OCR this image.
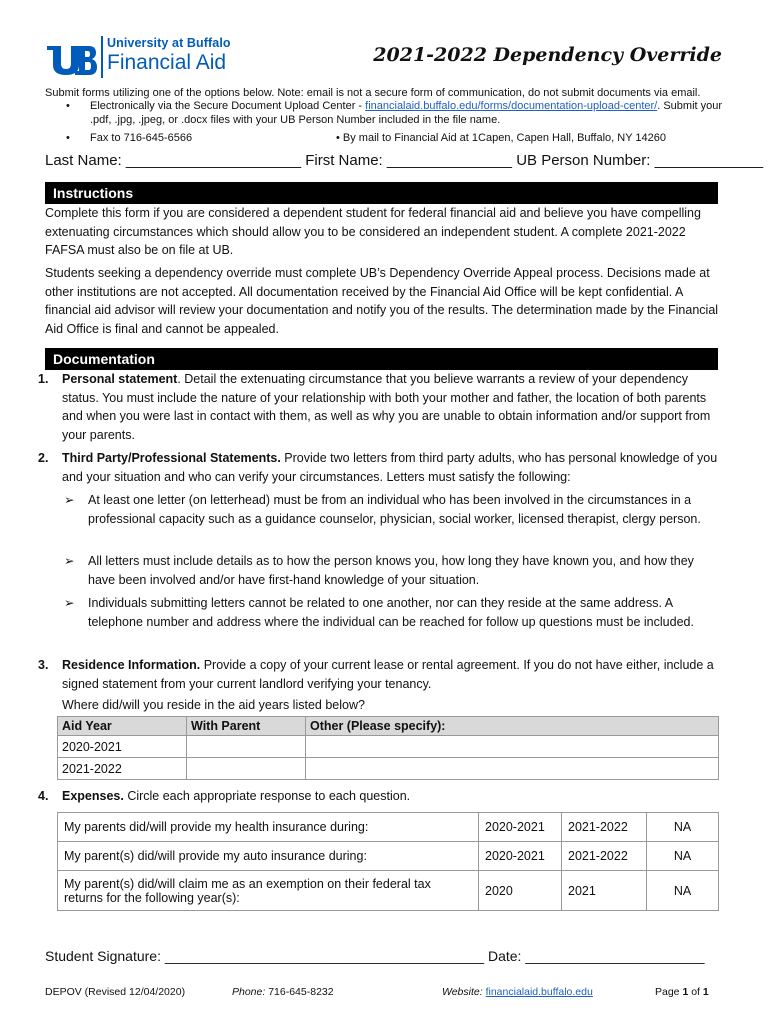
University at Buffalo
Financial Aid	2021-2022 Dependency Override
Submit forms utilizing one of the options below. Note: email is not a secure form of communication, do not submit documents via email.
• Electronically via the Secure Document Upload Center - financialaid.buffalo.edu/forms/documentation-upload-center/. Submit your .pdf, .jpg, .jpeg, or .docx files with your UB Person Number included in the file name.
• Fax to 716-645-6566	• By mail to Financial Aid at 1Capen, Capen Hall, Buffalo, NY 14260
Last Name: _____________________ First Name: _______________ UB Person Number: _____________
Instructions
Complete this form if you are considered a dependent student for federal financial aid and believe you have compelling extenuating circumstances which should allow you to be considered an independent student. A complete 2021-2022 FAFSA must also be on file at UB.
Students seeking a dependency override must complete UB’s Dependency Override Appeal process. Decisions made at other institutions are not accepted. All documentation received by the Financial Aid Office will be kept confidential. A financial aid advisor will review your documentation and notify you of the results. The determination made by the Financial Aid Office is final and cannot be appealed.
Documentation
1. Personal statement. Detail the extenuating circumstance that you believe warrants a review of your dependency status. You must include the nature of your relationship with both your mother and father, the location of both parents and when you were last in contact with them, as well as why you are unable to obtain information and/or support from your parents.
2. Third Party/Professional Statements. Provide two letters from third party adults, who has personal knowledge of you and your situation and who can verify your circumstances. Letters must satisfy the following:
➢ At least one letter (on letterhead) must be from an individual who has been involved in the circumstances in a professional capacity such as a guidance counselor, physician, social worker, licensed therapist, clergy person.
➢ All letters must include details as to how the person knows you, how long they have known you, and how they have been involved and/or have first-hand knowledge of your situation.
➢ Individuals submitting letters cannot be related to one another, nor can they reside at the same address. A telephone number and address where the individual can be reached for follow up questions must be included.
3. Residence Information. Provide a copy of your current lease or rental agreement. If you do not have either, include a signed statement from your current landlord verifying your tenancy.
Where did/will you reside in the aid years listed below?
Aid Year	With Parent	Other (Please specify):
2020-2021		
2021-2022		
4. Expenses. Circle each appropriate response to each question.
My parents did/will provide my health insurance during:	2020-2021	2021-2022	NA
My parent(s) did/will provide my auto insurance during:	2020-2021	2021-2022	NA
My parent(s) did/will claim me as an exemption on their federal tax returns for the following year(s):	2020	2021	NA
Student Signature: _________________________________________ Date: _______________________
DEPOV (Revised 12/04/2020)	Phone: 716-645-8232	Website: financialaid.buffalo.edu	Page 1 of 1
